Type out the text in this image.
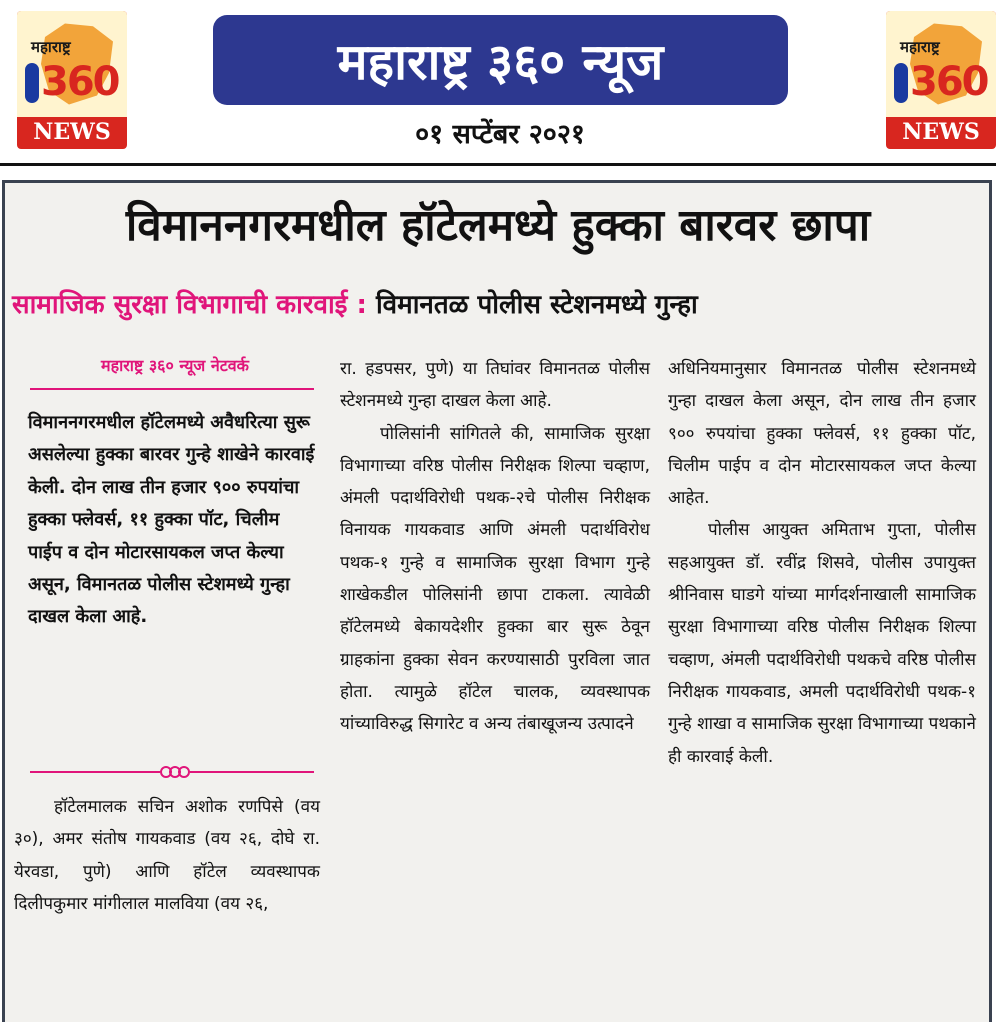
महाराष्ट्र
360
NEWS
महाराष्ट्र
360
NEWS
महाराष्ट्र ३६० न्यूज
०१ सप्टेंबर २०२१
विमाननगरमधील हॉटेलमध्ये हुक्का बारवर छापा
सामाजिक सुरक्षा विभागाची कारवाई : विमानतळ पोलीस स्टेशनमध्ये गुन्हा
महाराष्ट्र ३६० न्यूज नेटवर्क
विमाननगरमधील हॉटेलमध्ये अवैधरित्या सुरू असलेल्या हुक्का बारवर गुन्हे शाखेने कारवाई केली. दोन लाख तीन हजार ९०० रुपयांचा हुक्का फ्लेवर्स, ११ हुक्का पॉट, चिलीम पाईप व दोन मोटारसायकल जप्त केल्या असून, विमानतळ पोलीस स्टेशमध्ये गुन्हा दाखल केला आहे.

हॉटेलमालक सचिन अशोक रणपिसे (वय ३०), अमर संतोष गायकवाड (वय २६, दोघे रा. येरवडा, पुणे) आणि हॉटेल व्यवस्थापक दिलीपकुमार मांगीलाल मालविया (वय २६,

रा. हडपसर, पुणे) या तिघांवर विमानतळ पोलीस स्टेशनमध्ये गुन्हा दाखल केला आहे.

पोलिसांनी सांगितले की, सामाजिक सुरक्षा विभागाच्या वरिष्ठ पोलीस निरीक्षक शिल्पा चव्हाण, अंमली पदार्थविरोधी पथक-२चे पोलीस निरीक्षक विनायक गायकवाड आणि अंमली पदार्थविरोध पथक-१ गुन्हे व सामाजिक सुरक्षा विभाग गुन्हे शाखेकडील पोलिसांनी छापा टाकला. त्यावेळी हॉटेलमध्ये बेकायदेशीर हुक्का बार सुरू ठेवून ग्राहकांना हुक्का सेवन करण्यासाठी पुरविला जात होता. त्यामुळे हॉटेल चालक, व्यवस्थापक यांच्याविरुद्ध सिगारेट व अन्य तंबाखूजन्य उत्पादने

अधिनियमानुसार विमानतळ पोलीस स्टेशनमध्ये गुन्हा दाखल केला असून, दोन लाख तीन हजार ९०० रुपयांचा हुक्का फ्लेवर्स, ११ हुक्का पॉट, चिलीम पाईप व दोन मोटारसायकल जप्त केल्या आहेत.

पोलीस आयुक्त अमिताभ गुप्ता, पोलीस सहआयुक्त डॉ. रवींद्र शिसवे, पोलीस उपायुक्त श्रीनिवास घाडगे यांच्या मार्गदर्शनाखाली सामाजिक सुरक्षा विभागाच्या वरिष्ठ पोलीस निरीक्षक शिल्पा चव्हाण, अंमली पदार्थविरोधी पथकचे वरिष्ठ पोलीस निरीक्षक गायकवाड, अमली पदार्थविरोधी पथक-१ गुन्हे शाखा व सामाजिक सुरक्षा विभागाच्या पथकाने ही कारवाई केली.
